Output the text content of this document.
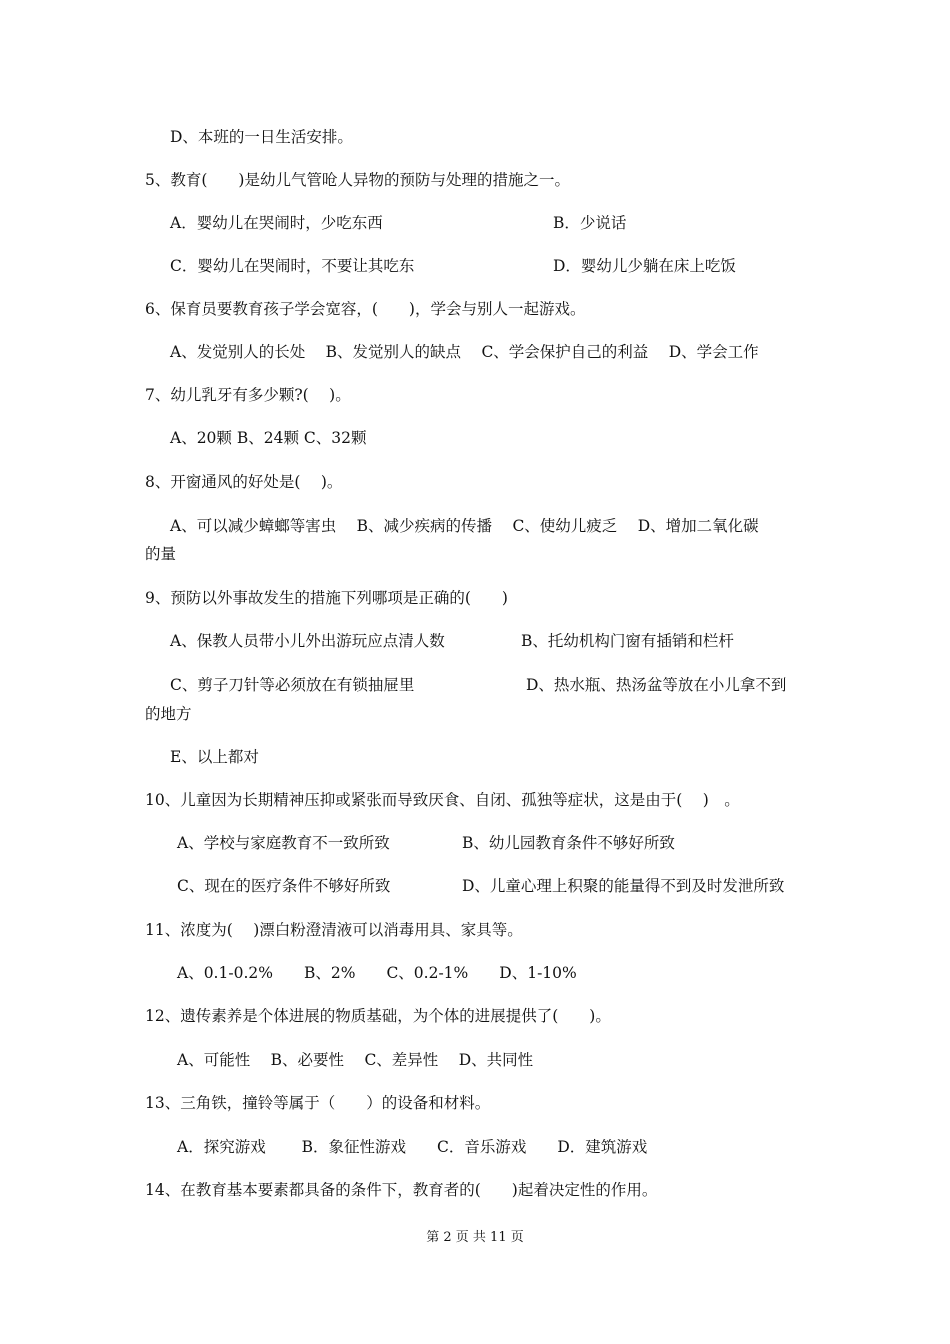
D、本班的一日生活安排。
5、教育(　　)是幼儿气管呛人异物的预防与处理的措施之一。
A．婴幼儿在哭闹时，少吃东西	B．少说话
C．婴幼儿在哭闹时，不要让其吃东	D．婴幼儿少躺在床上吃饭
6、保育员要教育孩子学会宽容，(　　)，学会与别人一起游戏。
A、发觉别人的长处　 B、发觉别人的缺点　 C、学会保护自己的利益　 D、学会工作
7、幼儿乳牙有多少颗?(　 )。
A、20颗 B、24颗 C、32颗
8、开窗通风的好处是(　 )。
A、可以减少蟑螂等害虫　 B、减少疾病的传播　 C、使幼儿疲乏　 D、增加二氧化碳
的量
9、预防以外事故发生的措施下列哪项是正确的(　　)
A、保教人员带小儿外出游玩应点清人数	B、托幼机构门窗有插销和栏杆
C、剪子刀针等必须放在有锁抽屉里	D、热水瓶、热汤盆等放在小儿拿不到
的地方
E、以上都对
10、儿童因为长期精神压抑或紧张而导致厌食、自闭、孤独等症状，这是由于(　 )　。
A、学校与家庭教育不一致所致	B、幼儿园教育条件不够好所致
C、现在的医疗条件不够好所致	D、儿童心理上积聚的能量得不到及时发泄所致
11、浓度为(　 )漂白粉澄清液可以消毒用具、家具等。
A、0.1-0.2%　　B、2%　　C、0.2-1%　　D、1-10%
12、遗传素养是个体进展的物质基础，为个体的进展提供了(　　)。
A、可能性　 B、必要性　 C、差异性　 D、共同性
13、三角铁，撞铃等属于（　　）的设备和材料。
A．探究游戏　　 B．象征性游戏　　C．音乐游戏　　D．建筑游戏
14、在教育基本要素都具备的条件下，教育者的(　　)起着决定性的作用。
第 2 页 共 11 页
